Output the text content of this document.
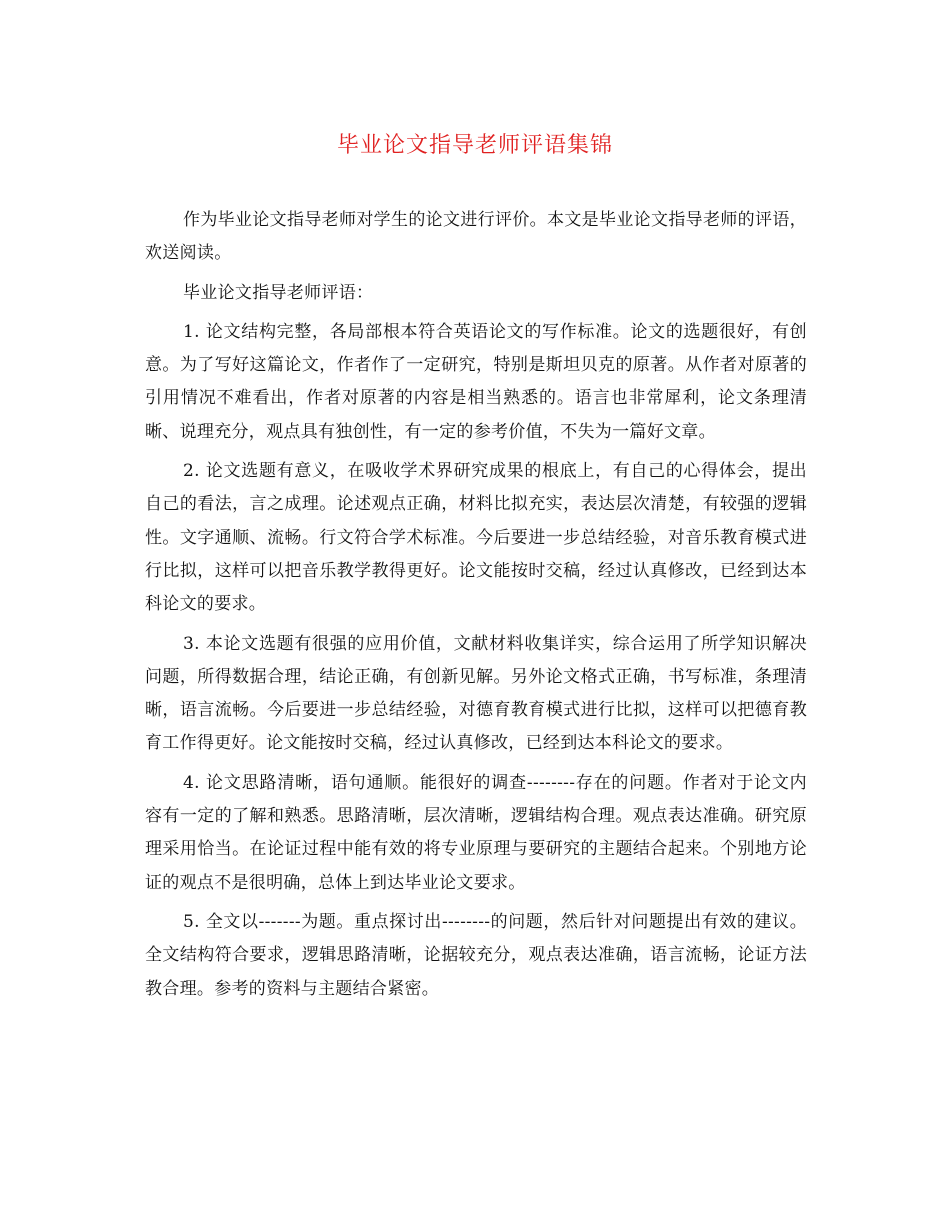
毕业论文指导老师评语集锦

作为毕业论文指导老师对学生的论文进行评价。本文是毕业论文指导老师的评语，欢送阅读。

毕业论文指导老师评语：

1. 论文结构完整，各局部根本符合英语论文的写作标准。论文的选题很好，有创意。为了写好这篇论文，作者作了一定研究，特别是斯坦贝克的原著。从作者对原著的引用情况不难看出，作者对原著的内容是相当熟悉的。语言也非常犀利，论文条理清晰、说理充分，观点具有独创性，有一定的参考价值，不失为一篇好文章。

2. 论文选题有意义，在吸收学术界研究成果的根底上，有自己的心得体会，提出自己的看法，言之成理。论述观点正确，材料比拟充实，表达层次清楚，有较强的逻辑性。文字通顺、流畅。行文符合学术标准。今后要进一步总结经验，对音乐教育模式进行比拟，这样可以把音乐教学教得更好。论文能按时交稿，经过认真修改，已经到达本科论文的要求。

3. 本论文选题有很强的应用价值，文献材料收集详实，综合运用了所学知识解决问题，所得数据合理，结论正确，有创新见解。另外论文格式正确，书写标准，条理清晰，语言流畅。今后要进一步总结经验，对德育教育模式进行比拟，这样可以把德育教育工作得更好。论文能按时交稿，经过认真修改，已经到达本科论文的要求。

4. 论文思路清晰，语句通顺。能很好的调查--------存在的问题。作者对于论文内容有一定的了解和熟悉。思路清晰，层次清晰，逻辑结构合理。观点表达准确。研究原理采用恰当。在论证过程中能有效的将专业原理与要研究的主题结合起来。个别地方论证的观点不是很明确，总体上到达毕业论文要求。

5. 全文以-------为题。重点探讨出--------的问题，然后针对问题提出有效的建议。全文结构符合要求，逻辑思路清晰，论据较充分，观点表达准确，语言流畅，论证方法教合理。参考的资料与主题结合紧密。
